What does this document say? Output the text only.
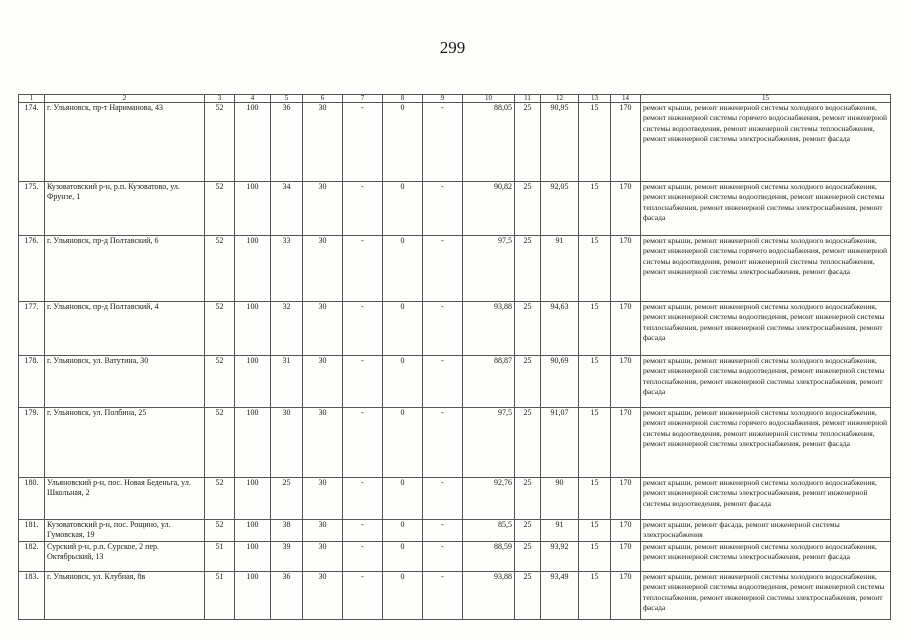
299
1	2	3	4	5	6	7	8	9	10	11	12	13	14	15
174.	г. Ульяновск, пр-т Нариманова, 43	52	100	36	30	-	0	-	88,05	25	90,95	15	170	ремонт крыши, ремонт инженерной системы холодного водоснабжения, ремонт инженерной системы горячего водоснабжения, ремонт инженерной системы водоотведения, ремонт инженерной системы теплоснабжения, ремонт инженерной системы электроснабжения, ремонт фасада
175.	Кузоватовский р-н, р.п. Кузоватово, ул. Фрунзе, 1	52	100	34	30	-	0	-	90,82	25	92,05	15	170	ремонт крыши, ремонт инженерной системы холодного водоснабжения, ремонт инженерной системы водоотведения, ремонт инженерной системы теплоснабжения, ремонт инженерной системы электроснабжения, ремонт фасада
176.	г. Ульяновск, пр-д Полтавский, 6	52	100	33	30	-	0	-	97,5	25	91	15	170	ремонт крыши, ремонт инженерной системы холодного водоснабжения, ремонт инженерной системы горячего водоснабжения, ремонт инженерной системы водоотведения, ремонт инженерной системы теплоснабжения, ремонт инженерной системы электроснабжения, ремонт фасада
177.	г. Ульяновск, пр-д Полтавский, 4	52	100	32	30	-	0	-	93,88	25	94,63	15	170	ремонт крыши, ремонт инженерной системы холодного водоснабжения, ремонт инженерной системы водоотведения, ремонт инженерной системы теплоснабжения, ремонт инженерной системы электроснабжения, ремонт фасада
178.	г. Ульяновск, ул. Ватутина, 30	52	100	31	30	-	0	-	88,87	25	90,69	15	170	ремонт крыши, ремонт инженерной системы холодного водоснабжения, ремонт инженерной системы водоотведения, ремонт инженерной системы теплоснабжения, ремонт инженерной системы электроснабжения, ремонт фасада
179.	г. Ульяновск, ул. Полбина, 25	52	100	30	30	-	0	-	97,5	25	91,07	15	170	ремонт крыши, ремонт инженерной системы холодного водоснабжения, ремонт инженерной системы горячего водоснабжения, ремонт инженерной системы водоотведения, ремонт инженерной системы теплоснабжения, ремонт инженерной системы электроснабжения, ремонт фасада
180.	Ульяновский р-н, пос. Новая Беденьга, ул. Школьная, 2	52	100	25	30	-	0	-	92,76	25	90	15	170	ремонт крыши, ремонт инженерной системы холодного водоснабжения, ремонт инженерной системы электроснабжения, ремонт инженерной системы водоотведения, ремонт фасада
181.	Кузоватовский р-н, пос. Рощино, ул. Гумовская, 19	52	100	38	30	-	0	-	85,5	25	91	15	170	ремонт крыши, ремонт фасада, ремонт инженерной системы электроснабжения
182.	Сурский р-н, р.п. Сурское, 2 пер. Октябрьский, 13	51	100	39	30	-	0	-	88,59	25	93,92	15	170	ремонт крыши, ремонт инженерной системы холодного водоснабжения, ремонт инженерной системы электроснабжения, ремонт фасада
183.	г. Ульяновск, ул. Клубная, 8в	51	100	36	30	-	0	-	93,88	25	93,49	15	170	ремонт крыши, ремонт инженерной системы холодного водоснабжения, ремонт инженерной системы водоотведения, ремонт инженерной системы теплоснабжения, ремонт инженерной системы электроснабжения, ремонт фасада
